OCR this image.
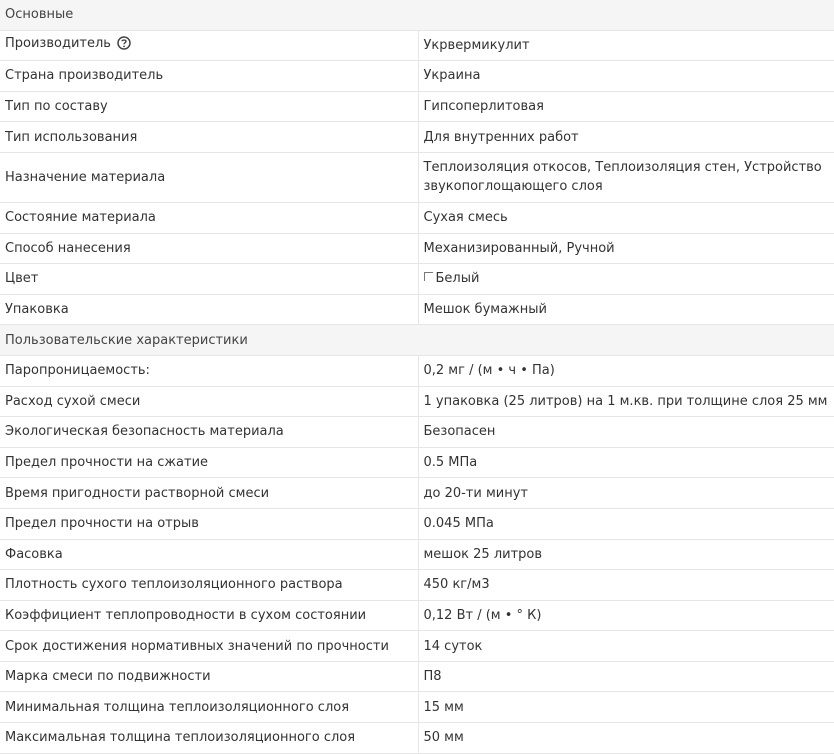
Основные	
Производитель	Укрвермикулит
Страна производитель	Украина
Тип по составу	Гипсоперлитовая
Тип использования	Для внутренних работ
Назначение материала	Теплоизоляция откосов, Теплоизоляция стен, Устройство звукопоглощающего слоя
Состояние материала	Сухая смесь
Способ нанесения	Механизированный, Ручной
Цвет	Белый
Упаковка	Мешок бумажный
Пользовательские характеристики	
Паропроницаемость:	0,2 мг / (м • ч • Па)
Расход сухой смеси	1 упаковка (25 литров) на 1 м.кв. при толщине слоя 25 мм
Экологическая безопасность материала	Безопасен
Предел прочности на сжатие	0.5 МПа
Время пригодности растворной смеси	до 20-ти минут
Предел прочности на отрыв	0.045 МПа
Фасовка	мешок 25 литров
Плотность сухого теплоизоляционного раствора	450 кг/м3
Коэффициент теплопроводности в сухом состоянии	0,12 Вт / (м • ° К)
Срок достижения нормативных значений по прочности	14 суток
Марка смеси по подвижности	П8
Минимальная толщина теплоизоляционного слоя	15 мм
Максимальная толщина теплоизоляционного слоя	50 мм
